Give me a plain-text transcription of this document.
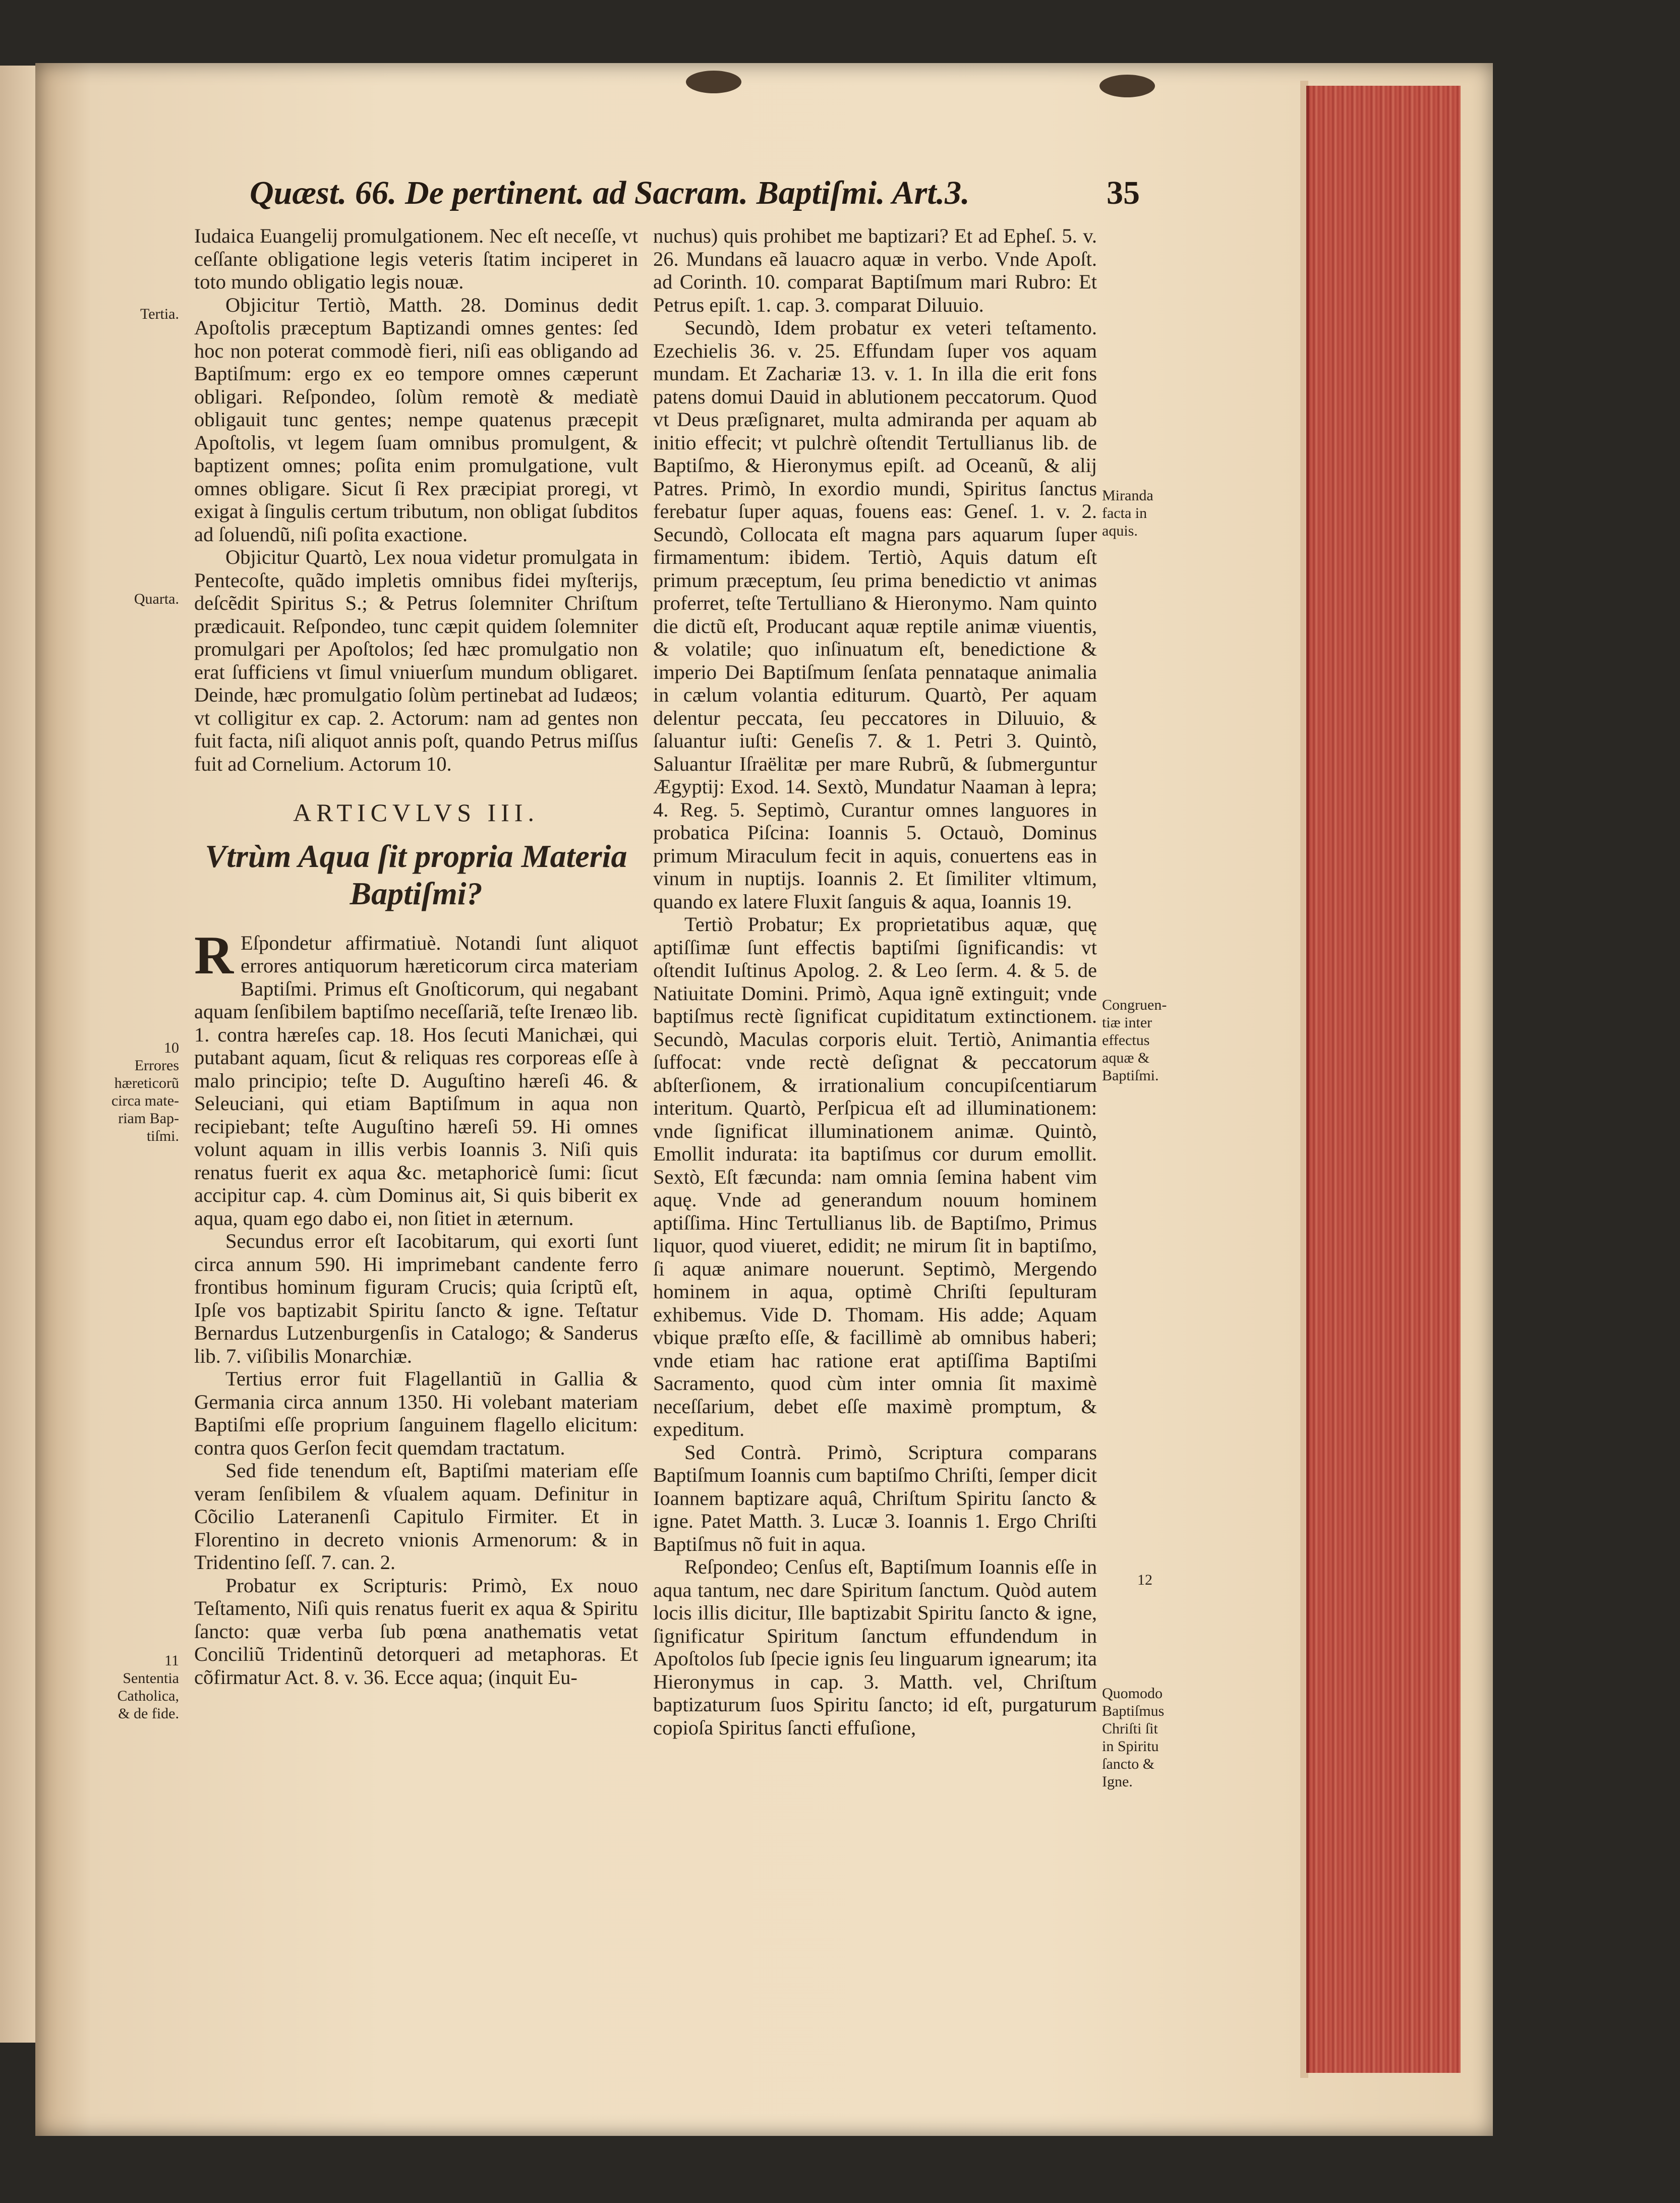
Quæst. 66. De pertinent. ad Sacram. Baptiſmi. Art.3.	35
Tertia.
Quarta.
10
Errores
hæreticorũ
circa mate-
riam Bap-
tiſmi.
11
Sententia
Catholica,
& de fide.
Miranda
facta in
aquis.
Congruen-
tiæ inter
effectus
aquæ &
Baptiſmi.
12
Quomodo
Baptiſmus
Chriſti ſit
in Spiritu
ſancto &
Igne.

Iudaica Euangelij promulgationem. Nec eſt neceſſe, vt ceſſante obligatione legis veteris ſtatim inciperet in toto mundo obligatio legis nouæ.

Objicitur Tertiò, Matth. 28. Dominus dedit Apoſtolis præceptum Baptizandi omnes gentes: ſed hoc non poterat commodè fieri, niſi eas obligando ad Baptiſmum: ergo ex eo tempore omnes cæperunt obligari. Reſpondeo, ſolùm remotè & mediatè obligauit tunc gentes; nempe quatenus præcepit Apoſtolis, vt legem ſuam omnibus promulgent, & baptizent omnes; poſita enim promulgatione, vult omnes obligare. Sicut ſi Rex præcipiat proregi, vt exigat à ſingulis certum tributum, non obligat ſubditos ad ſoluendũ, niſi poſita exactione.

Objicitur Quartò, Lex noua videtur promulgata in Pentecoſte, quãdo impletis omnibus fidei myſterijs, deſcẽdit Spiritus S.; & Petrus ſolemniter Chriſtum prædicauit. Reſpondeo, tunc cæpit quidem ſolemniter promulgari per Apoſtolos; ſed hæc promulgatio non erat ſufficiens vt ſimul vniuerſum mundum obligaret. Deinde, hæc promulgatio ſolùm pertinebat ad Iudæos; vt colligitur ex cap. 2. Actorum: nam ad gentes non fuit facta, niſi aliquot annis poſt, quando Petrus miſſus fuit ad Cornelium. Actorum 10.

ARTICVLVS III.
Vtrùm Aqua ſit propria Materia Baptiſmi?

R Eſpondetur affirmatiuè. Notandi ſunt aliquot errores antiquorum hæreticorum circa materiam Baptiſmi. Primus eſt Gnoſticorum, qui negabant aquam ſenſibilem baptiſmo neceſſariã, teſte Irenæo lib. 1. contra hæreſes cap. 18. Hos ſecuti Manichæi, qui putabant aquam, ſicut & reliquas res corporeas eſſe à malo principio; teſte D. Auguſtino hæreſi 46. & Seleuciani, qui etiam Baptiſmum in aqua non recipiebant; teſte Auguſtino hæreſi 59. Hi omnes volunt aquam in illis verbis Ioannis 3. Niſi quis renatus fuerit ex aqua &c. metaphoricè ſumi: ſicut accipitur cap. 4. cùm Dominus ait, Si quis biberit ex aqua, quam ego dabo ei, non ſitiet in æternum.

Secundus error eſt Iacobitarum, qui exorti ſunt circa annum 590. Hi imprimebant candente ferro frontibus hominum figuram Crucis; quia ſcriptũ eſt, Ipſe vos baptizabit Spiritu ſancto & igne. Teſtatur Bernardus Lutzenburgenſis in Catalogo; & Sanderus lib. 7. viſibilis Monarchiæ.

Tertius error fuit Flagellantiũ in Gallia & Germania circa annum 1350. Hi volebant materiam Baptiſmi eſſe proprium ſanguinem flagello elicitum: contra quos Gerſon fecit quemdam tractatum.

Sed fide tenendum eſt, Baptiſmi materiam eſſe veram ſenſibilem & vſualem aquam. Definitur in Cõcilio Lateranenſi Capitulo Firmiter. Et in Florentino in decreto vnionis Armenorum: & in Tridentino ſeſſ. 7. can. 2.

Probatur ex Scripturis: Primò, Ex nouo Teſtamento, Niſi quis renatus fuerit ex aqua & Spiritu ſancto: quæ verba ſub pœna anathematis vetat Conciliũ Tridentinũ detorqueri ad metaphoras. Et cõfirmatur Act. 8. v. 36. Ecce aqua; (inquit Eu-

nuchus) quis prohibet me baptizari? Et ad Epheſ. 5. v. 26. Mundans eã lauacro aquæ in verbo. Vnde Apoſt. ad Corinth. 10. comparat Baptiſmum mari Rubro: Et Petrus epiſt. 1. cap. 3. comparat Diluuio.

Secundò, Idem probatur ex veteri teſtamento. Ezechielis 36. v. 25. Effundam ſuper vos aquam mundam. Et Zachariæ 13. v. 1. In illa die erit fons patens domui Dauid in ablutionem peccatorum. Quod vt Deus præſignaret, multa admiranda per aquam ab initio effecit; vt pulchrè oſtendit Tertullianus lib. de Baptiſmo, & Hieronymus epiſt. ad Oceanũ, & alij Patres. Primò, In exordio mundi, Spiritus ſanctus ferebatur ſuper aquas, fouens eas: Geneſ. 1. v. 2. Secundò, Collocata eſt magna pars aquarum ſuper firmamentum: ibidem. Tertiò, Aquis datum eſt primum præceptum, ſeu prima benedictio vt animas proferret, teſte Tertulliano & Hieronymo. Nam quinto die dictũ eſt, Producant aquæ reptile animæ viuentis, & volatile; quo inſinuatum eſt, benedictione & imperio Dei Baptiſmum ſenſata pennataque animalia in cælum volantia editurum. Quartò, Per aquam delentur peccata, ſeu peccatores in Diluuio, & ſaluantur iuſti: Geneſis 7. & 1. Petri 3. Quintò, Saluantur Iſraëlitæ per mare Rubrũ, & ſubmerguntur Ægyptij: Exod. 14. Sextò, Mundatur Naaman à lepra; 4. Reg. 5. Septimò, Curantur omnes languores in probatica Piſcina: Ioannis 5. Octauò, Dominus primum Miraculum fecit in aquis, conuertens eas in vinum in nuptijs. Ioannis 2. Et ſimiliter vltimum, quando ex latere Fluxit ſanguis & aqua, Ioannis 19.

Tertiò Probatur; Ex proprietatibus aquæ, quę aptiſſimæ ſunt effectis baptiſmi ſignificandis: vt oſtendit Iuſtinus Apolog. 2. & Leo ſerm. 4. & 5. de Natiuitate Domini. Primò, Aqua ignẽ extinguit; vnde baptiſmus rectè ſignificat cupiditatum extinctionem. Secundò, Maculas corporis eluit. Tertiò, Animantia ſuffocat: vnde rectè deſignat & peccatorum abſterſionem, & irrationalium concupiſcentiarum interitum. Quartò, Perſpicua eſt ad illuminationem: vnde ſignificat illuminationem animæ. Quintò, Emollit indurata: ita baptiſmus cor durum emollit. Sextò, Eſt fæcunda: nam omnia ſemina habent vim aquę. Vnde ad generandum nouum hominem aptiſſima. Hinc Tertullianus lib. de Baptiſmo, Primus liquor, quod viueret, edidit; ne mirum ſit in baptiſmo, ſi aquæ animare nouerunt. Septimò, Mergendo hominem in aqua, optimè Chriſti ſepulturam exhibemus. Vide D. Thomam. His adde; Aquam vbique præſto eſſe, & facillimè ab omnibus haberi; vnde etiam hac ratione erat aptiſſima Baptiſmi Sacramento, quod cùm inter omnia ſit maximè neceſſarium, debet eſſe maximè promptum, & expeditum.

Sed Contrà. Primò, Scriptura comparans Baptiſmum Ioannis cum baptiſmo Chriſti, ſemper dicit Ioannem baptizare aquâ, Chriſtum Spiritu ſancto & igne. Patet Matth. 3. Lucæ 3. Ioannis 1. Ergo Chriſti Baptiſmus nõ fuit in aqua.

Reſpondeo; Cenſus eſt, Baptiſmum Ioannis eſſe in aqua tantum, nec dare Spiritum ſanctum. Quòd autem locis illis dicitur, Ille baptizabit Spiritu ſancto & igne, ſignificatur Spiritum ſanctum effundendum in Apoſtolos ſub ſpecie ignis ſeu linguarum ignearum; ita Hieronymus in cap. 3. Matth. vel, Chriſtum baptizaturum ſuos Spiritu ſancto; id eſt, purgaturum copioſa Spiritus ſancti effuſione,
